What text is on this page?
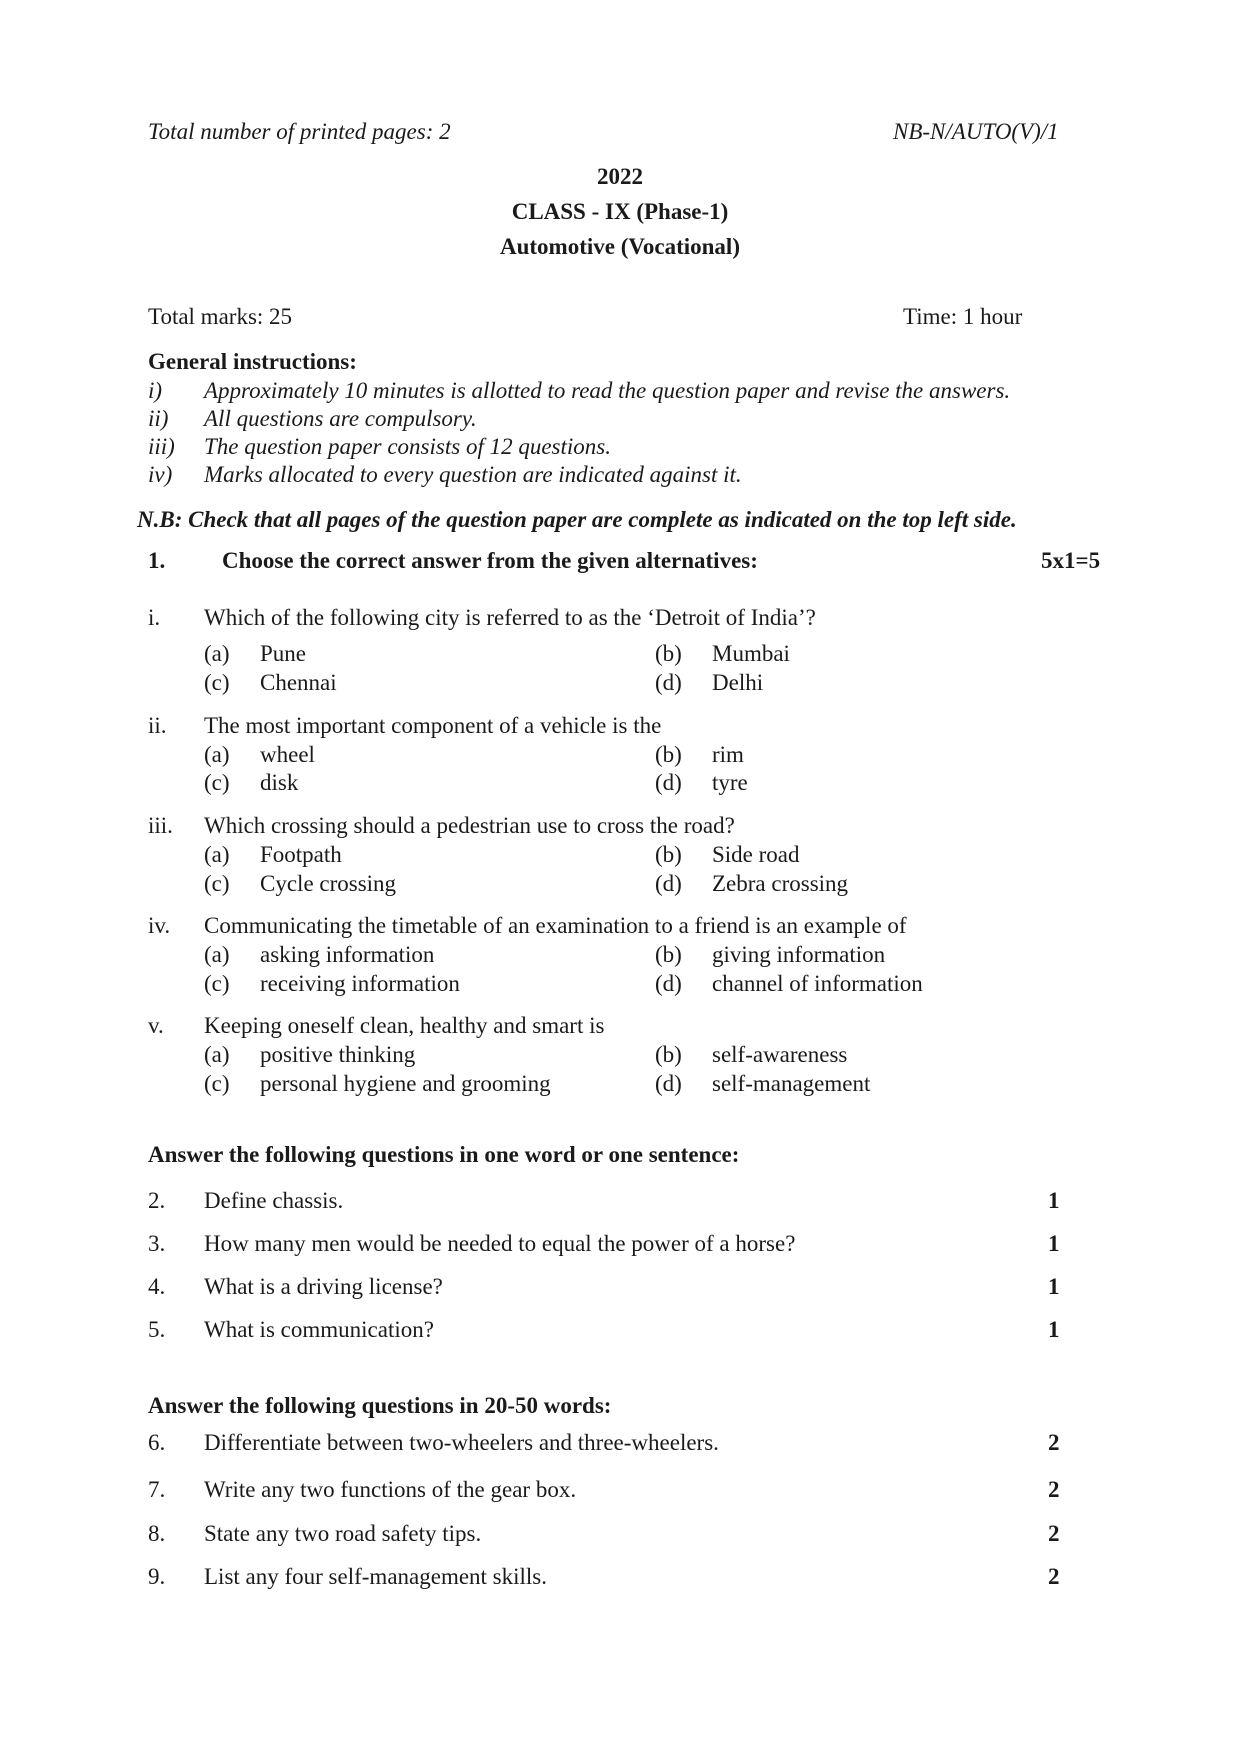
Total number of printed pages: 2	NB-N/AUTO(V)/1
2022
CLASS - IX (Phase-1)
Automotive (Vocational)
Total marks: 25	Time: 1 hour
General instructions:
i) Approximately 10 minutes is allotted to read the question paper and revise the answers.
ii) All questions are compulsory.
iii) The question paper consists of 12 questions.
iv) Marks allocated to every question are indicated against it.
N.B: Check that all pages of the question paper are complete as indicated on the top left side.
1. Choose the correct answer from the given alternatives:	5x1=5
i. Which of the following city is referred to as the ‘Detroit of India’?
(a) Pune	(b) Mumbai
(c) Chennai	(d) Delhi
ii. The most important component of a vehicle is the
(a) wheel	(b) rim
(c) disk	(d) tyre
iii. Which crossing should a pedestrian use to cross the road?
(a) Footpath	(b) Side road
(c) Cycle crossing	(d) Zebra crossing
iv. Communicating the timetable of an examination to a friend is an example of
(a) asking information	(b) giving information
(c) receiving information	(d) channel of information
v. Keeping oneself clean, healthy and smart is
(a) positive thinking	(b) self-awareness
(c) personal hygiene and grooming	(d) self-management
Answer the following questions in one word or one sentence:
2. Define chassis.	1
3. How many men would be needed to equal the power of a horse?	1
4. What is a driving license?	1
5. What is communication?	1
Answer the following questions in 20-50 words:
6. Differentiate between two-wheelers and three-wheelers.	2
7. Write any two functions of the gear box.	2
8. State any two road safety tips.	2
9. List any four self-management skills.	2
